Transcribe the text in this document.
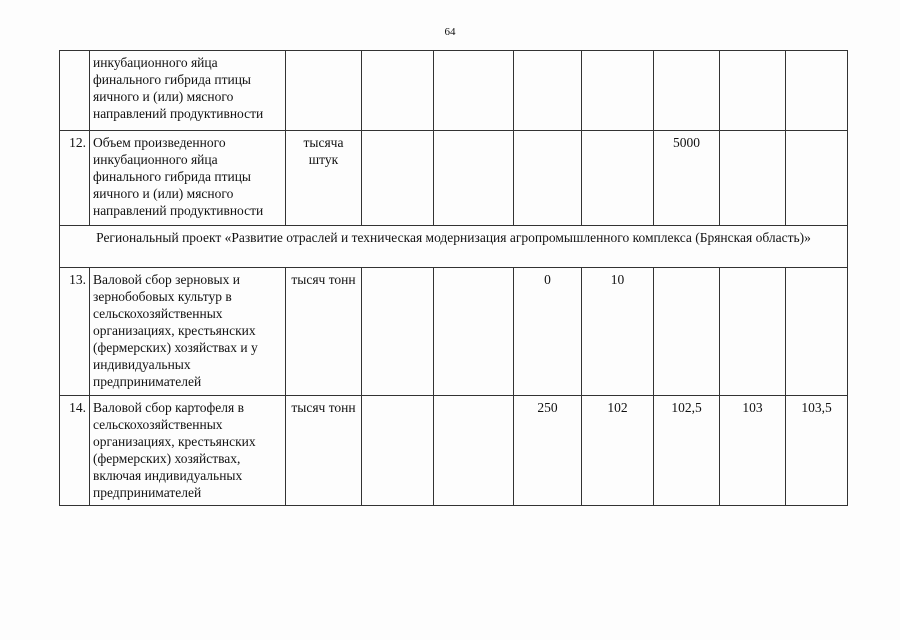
64
	инкубационного яйца финального гибрида птицы яичного и (или) мясного направлений продуктивности								
12.	Объем произведенного инкубационного яйца финального гибрида птицы яичного и (или) мясного направлений продуктивности	тысяча штук					5000		
Региональный проект «Развитие отраслей и техническая модернизация агропромышленного комплекса (Брянская область)»									
13.	Валовой сбор зерновых и зернобобовых культур в сельскохозяйственных организациях, крестьянских (фермерских) хозяйствах и у индивидуальных предпринимателей	тысяч тонн			0	10			
14.	Валовой сбор картофеля в сельскохозяйственных организациях, крестьянских (фермерских) хозяйствах, включая индивидуальных предпринимателей	тысяч тонн			250	102	102,5	103	103,5
